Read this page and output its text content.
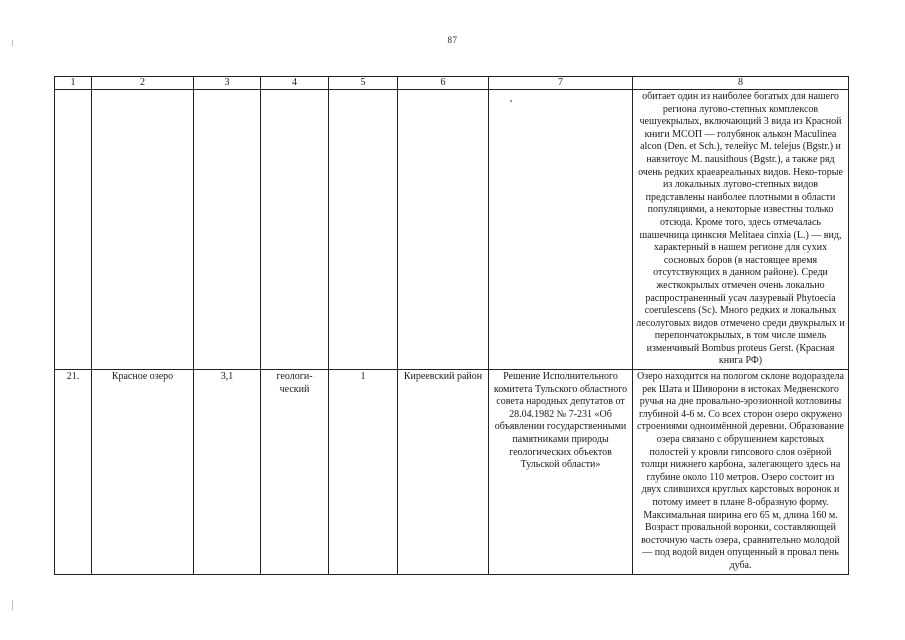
87
1	2	3	4	5	6	7	8
							обитает один из наиболее богатых для нашего региона лугово-степных комплексов чешуекрылых, включающий 3 вида из Красной книги МСОП — голубянок алькон Maculinea alcon (Den. et Sch.), телейус M. telejus (Bgstr.) и навзитоус M. nausithous (Bgstr.), а также ряд очень редких краеареальных видов. Неко-торые из локальных лугово-степных видов представлены наиболее плотными в области популяциями, а некоторые известны только отсюда. Кроме того, здесь отмечалась шашечница цинксия Melitaea cinxia (L.) — вид, характерный в нашем регионе для сухих сосновых боров (в настоящее время отсутствующих в данном районе). Среди жесткокрылых отмечен очень локально распространенный усач лазуревый Phytoecia coerulescens (Sc). Много редких и локальных лесолуговых видов отмечено среди двукрылых и перепончатокрылых, в том числе шмель изменчивый Bombus proteus Gerst. (Красная книга РФ)
21.	Красное озеро	3,1	геологи-ческий	1	Киреевский район	Решение Исполнительного комитета Тульского областного совета народных депутатов от 28.04.1982 № 7-231 «Об объявлении государственными памятниками природы геологических объектов Тульской области»	Озеро находится на пологом склоне водораздела рек Шата и Шиворони в истоках Медвенского ручья на дне провально-эрозионной котловины глубиной 4-6 м. Со всех сторон озеро окружено строениями одноимённой деревни. Образование озера связано с обрушением карстовых полостей у кровли гипсового слоя озёрной толщи нижнего карбона, залегающего здесь на глубине около 110 метров. Озеро состоит из двух слившихся круглых карстовых воронок и потому имеет в плане 8-образную форму. Максимальная ширина его 65 м, длина 160 м. Возраст провальной воронки, составляющей восточную часть озера, сравнительно молодой — под водой виден опущенный в провал пень дуба.
